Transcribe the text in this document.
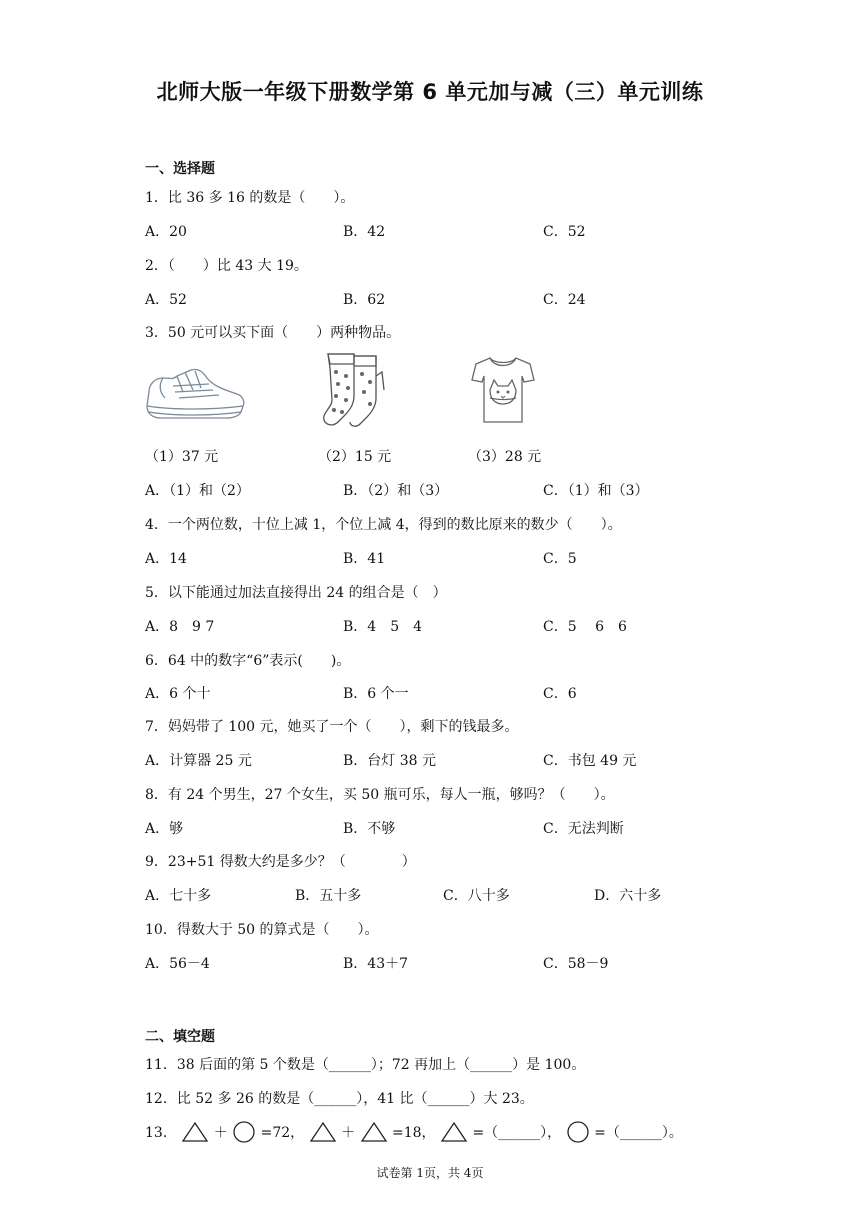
北师大版一年级下册数学第 6 单元加与减（三）单元训练
一、选择题
1．比 36 多 16 的数是（　　）。
A．20	B．42	C．52
2．（　　）比 43 大 19。
A．52	B．62	C．24
3．50 元可以买下面（　　）两种物品。
（1）37 元	（2）15 元	（3）28 元
A．（1）和（2）	B．（2）和（3）	C．（1）和（3）
4．一个两位数，十位上减 1，个位上减 4，得到的数比原来的数少（　　）。
A．14	B．41	C．5
5．以下能通过加法直接得出 24 的组合是（　）
A．8　9 7	B．4　5　4	C．5　 6　6
6．64 中的数字“6”表示(　　)。
A．6 个十	B．6 个一	C．6
7．妈妈带了 100 元，她买了一个（　　），剩下的钱最多。
A．计算器 25 元	B．台灯 38 元	C．书包 49 元
8．有 24 个男生，27 个女生，买 50 瓶可乐，每人一瓶，够吗？（　　）。
A．够	B．不够	C．无法判断
9．23+51 得数大约是多少？（　　　　）
A．七十多	B．五十多	C．八十多	D．六十多
10．得数大于 50 的算式是（　　）。
A．56－4	B．43＋7	C．58－9
二、填空题
11．38 后面的第 5 个数是（______）；72 再加上（______）是 100。
12．比 52 多 26 的数是（______），41 比（______）大 23。
13．	＋ =72，	＋	=18，	=（______）， =（______）。
试卷第 1页，共 4页
